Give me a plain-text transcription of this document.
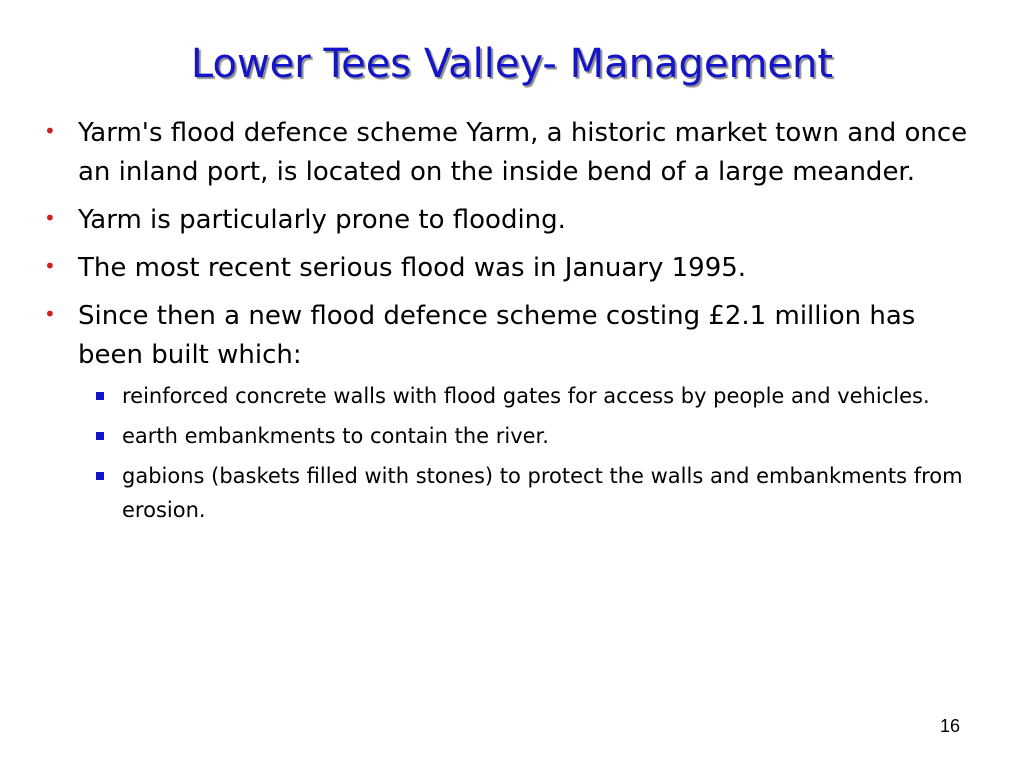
Lower Tees Valley- Management
• Yarm's flood defence scheme Yarm, a historic market town and once an inland port, is located on the inside bend of a large meander.
• Yarm is particularly prone to flooding.
• The most recent serious flood was in January 1995.
• Since then a new flood defence scheme costing £2.1 million has been built which:
reinforced concrete walls with flood gates for access by people and vehicles.
earth embankments to contain the river.
gabions (baskets filled with stones) to protect the walls and embankments from erosion.
16
